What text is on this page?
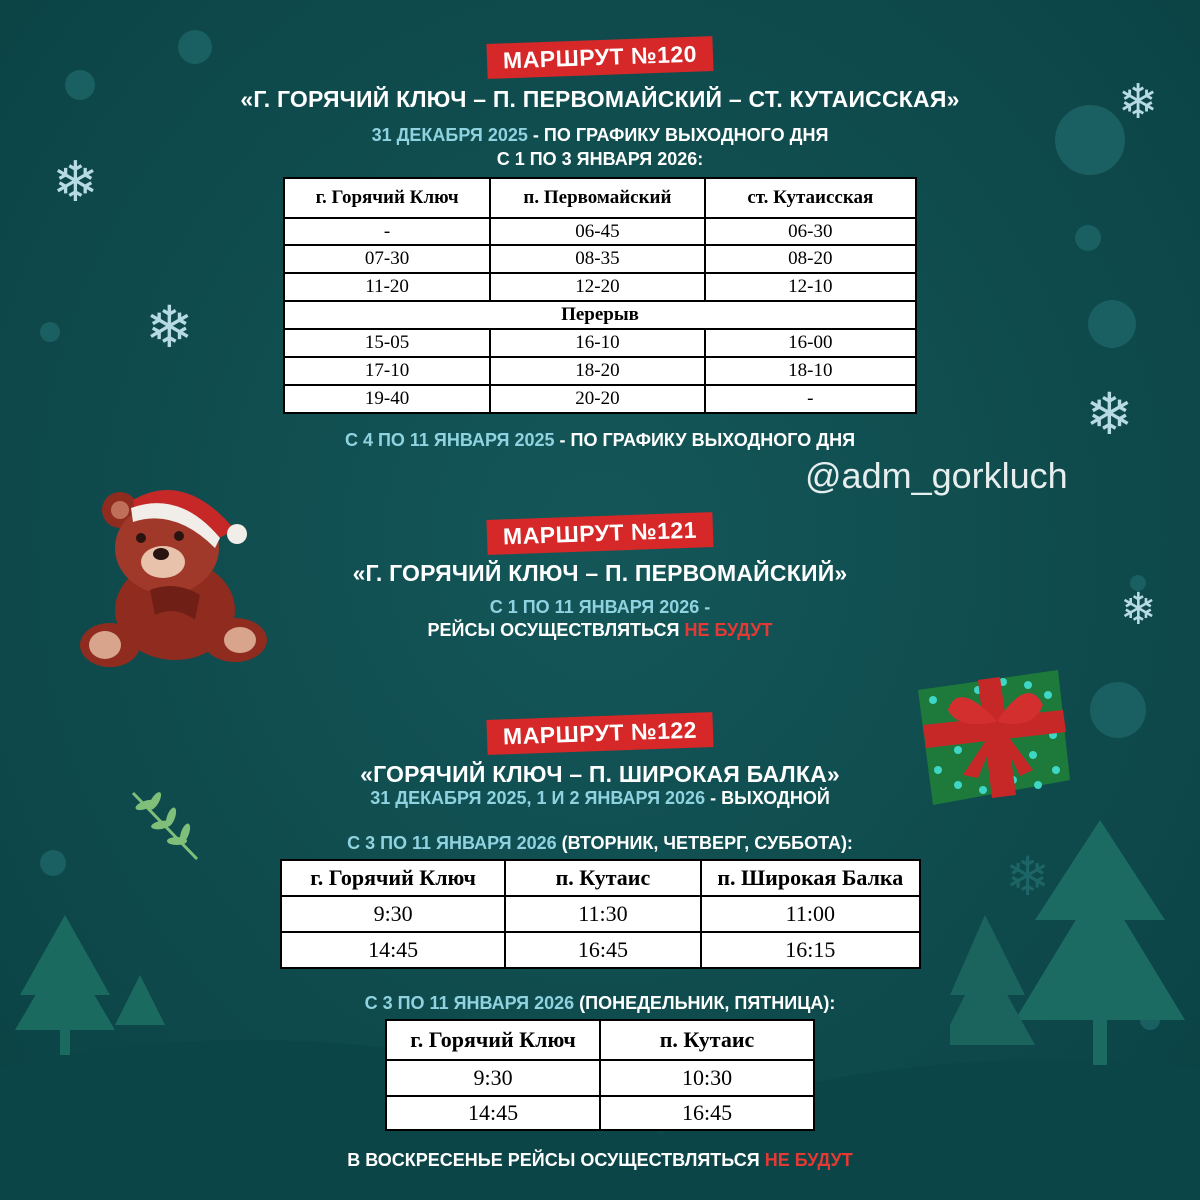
❄
❄
❄
❄
❄
❄
@adm_gorkluch
МАРШРУТ №120
«Г. ГОРЯЧИЙ КЛЮЧ – П. ПЕРВОМАЙСКИЙ – СТ. КУТАИССКАЯ»
31 ДЕКАБРЯ 2025 - ПО ГРАФИКУ ВЫХОДНОГО ДНЯ
С 1 ПО 3 ЯНВАРЯ 2026:
г. Горячий Ключ	п. Первомайский	ст. Кутаисская
-	06-45	06-30
07-30	08-35	08-20
11-20	12-20	12-10
Перерыв		
15-05	16-10	16-00
17-10	18-20	18-10
19-40	20-20	-
С 4 ПО 11 ЯНВАРЯ 2025 - ПО ГРАФИКУ ВЫХОДНОГО ДНЯ
МАРШРУТ №121
«Г. ГОРЯЧИЙ КЛЮЧ – П. ПЕРВОМАЙСКИЙ»
С 1 ПО 11 ЯНВАРЯ 2026 -
РЕЙСЫ ОСУЩЕСТВЛЯТЬСЯ НЕ БУДУТ
МАРШРУТ №122
«ГОРЯЧИЙ КЛЮЧ – П. ШИРОКАЯ БАЛКА»
31 ДЕКАБРЯ 2025, 1 И 2 ЯНВАРЯ 2026 - ВЫХОДНОЙ
С 3 ПО 11 ЯНВАРЯ 2026 (ВТОРНИК, ЧЕТВЕРГ, СУББОТА):
г. Горячий Ключ	п. Кутаис	п. Широкая Балка
9:30	11:30	11:00
14:45	16:45	16:15
С 3 ПО 11 ЯНВАРЯ 2026 (ПОНЕДЕЛЬНИК, ПЯТНИЦА):
г. Горячий Ключ	п. Кутаис
9:30	10:30
14:45	16:45
В ВОСКРЕСЕНЬЕ РЕЙСЫ ОСУЩЕСТВЛЯТЬСЯ НЕ БУДУТ
